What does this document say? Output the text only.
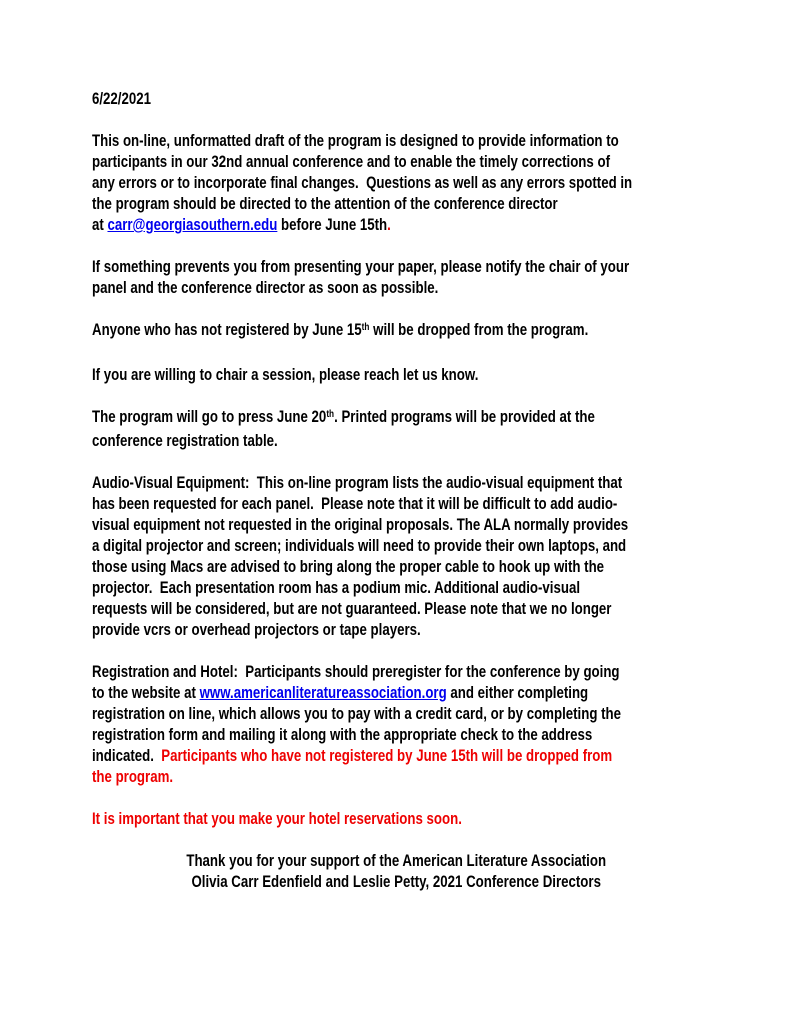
6/22/2021
This on-line, unformatted draft of the program is designed to provide information to
participants in our 32nd annual conference and to enable the timely corrections of
any errors or to incorporate final changes.  Questions as well as any errors spotted in
the program should be directed to the attention of the conference director
at carr@georgiasouthern.edu before June 15th.
If something prevents you from presenting your paper, please notify the chair of your
panel and the conference director as soon as possible.
Anyone who has not registered by June 15th will be dropped from the program.
If you are willing to chair a session, please reach let us know.
The program will go to press June 20th. Printed programs will be provided at the
conference registration table.
Audio-Visual Equipment:  This on-line program lists the audio-visual equipment that
has been requested for each panel.  Please note that it will be difficult to add audio-
visual equipment not requested in the original proposals. The ALA normally provides
a digital projector and screen; individuals will need to provide their own laptops, and
those using Macs are advised to bring along the proper cable to hook up with the
projector.  Each presentation room has a podium mic. Additional audio-visual
requests will be considered, but are not guaranteed. Please note that we no longer
provide vcrs or overhead projectors or tape players.
Registration and Hotel:  Participants should preregister for the conference by going
to the website at www.americanliteratureassociation.org and either completing
registration on line, which allows you to pay with a credit card, or by completing the
registration form and mailing it along with the appropriate check to the address
indicated.  Participants who have not registered by June 15th will be dropped from
the program.
It is important that you make your hotel reservations soon.
Thank you for your support of the American Literature Association
Olivia Carr Edenfield and Leslie Petty, 2021 Conference Directors
